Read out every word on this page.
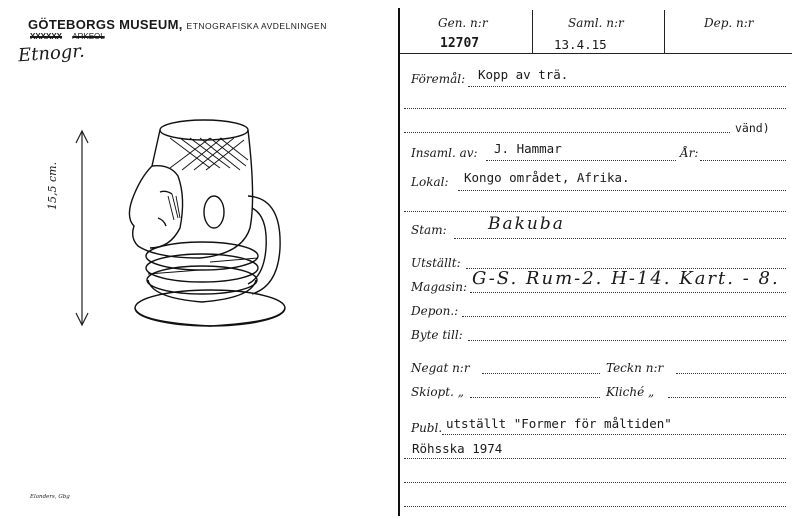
GÖTEBORGS MUSEUM, ETNOGRAFISKA AVDELNINGEN
XXXXXX ARKEOL
Etnogr.
15,5 cm.
Elanders, Gbg
Gen. n:r
12707
Saml. n:r
13.4.15
Dep. n:r
Föremål: Kopp av trä.
vänd)
Insaml. av: J. Hammar	År:
Lokal: Kongo området, Afrika.
Stam: Bakuba
Utställt:
Magasin: G-S. Rum-2. H-14. Kart. - 8.
Depon.:
Byte till:
Negat n:r	Teckn n:r
Skiopt. „	Kliché „
Publ. utställt "Former för måltiden"
Röhsska 1974
